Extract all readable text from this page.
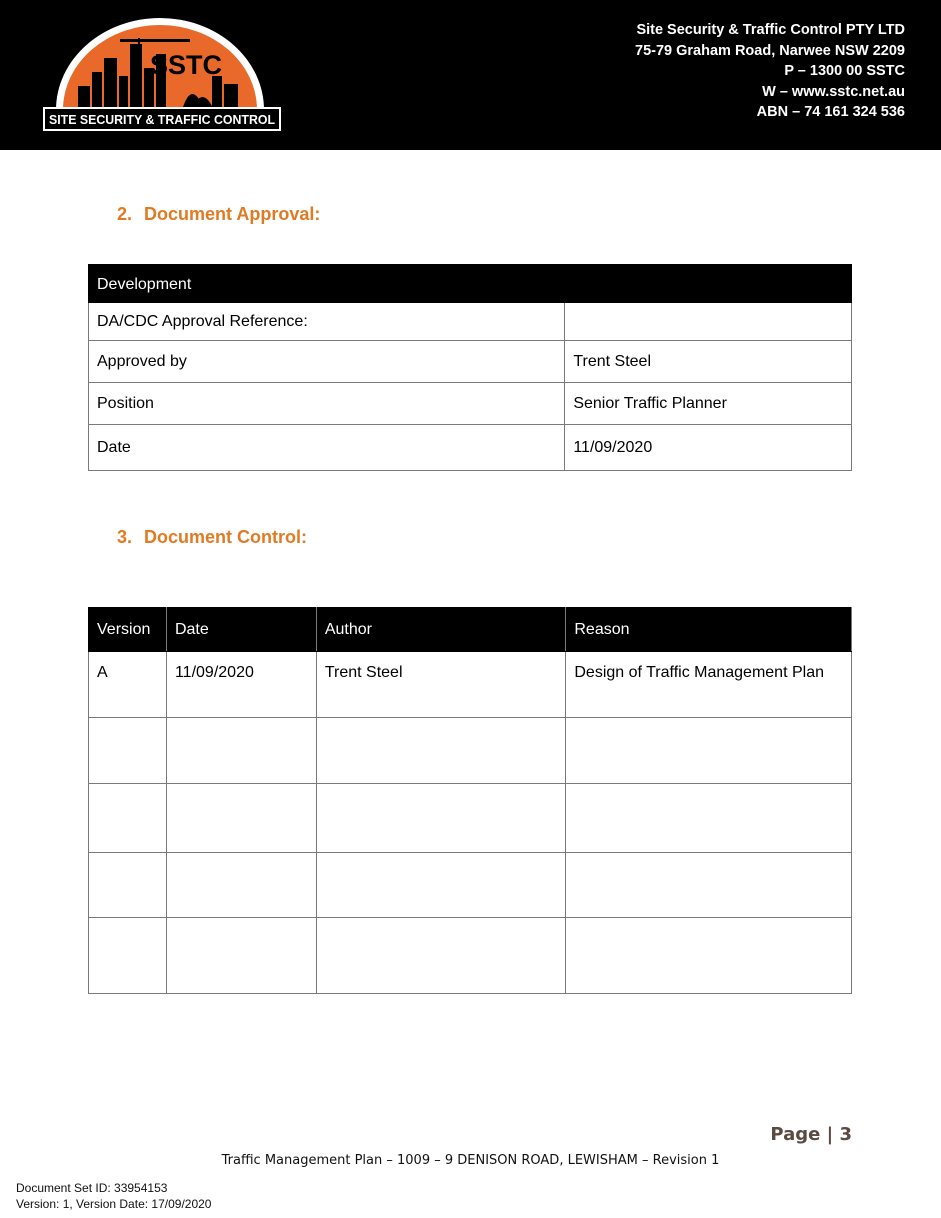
SSTC
SITE SECURITY & TRAFFIC CONTROL
Site Security & Traffic Control PTY LTD
75-79 Graham Road, Narwee NSW 2209
P – 1300 00 SSTC
W – www.sstc.net.au
ABN – 74 161 324 536
2. Document Approval:
Development	
DA/CDC Approval Reference:	
Approved by	Trent Steel
Position	Senior Traffic Planner
Date	11/09/2020
3. Document Control:
Version	Date	Author	Reason
A	11/09/2020	Trent Steel	Design of Traffic Management Plan

Page | 3
Traffic Management Plan – 1009 – 9 DENISON ROAD, LEWISHAM – Revision 1
Document Set ID: 33954153
Version: 1, Version Date: 17/09/2020
